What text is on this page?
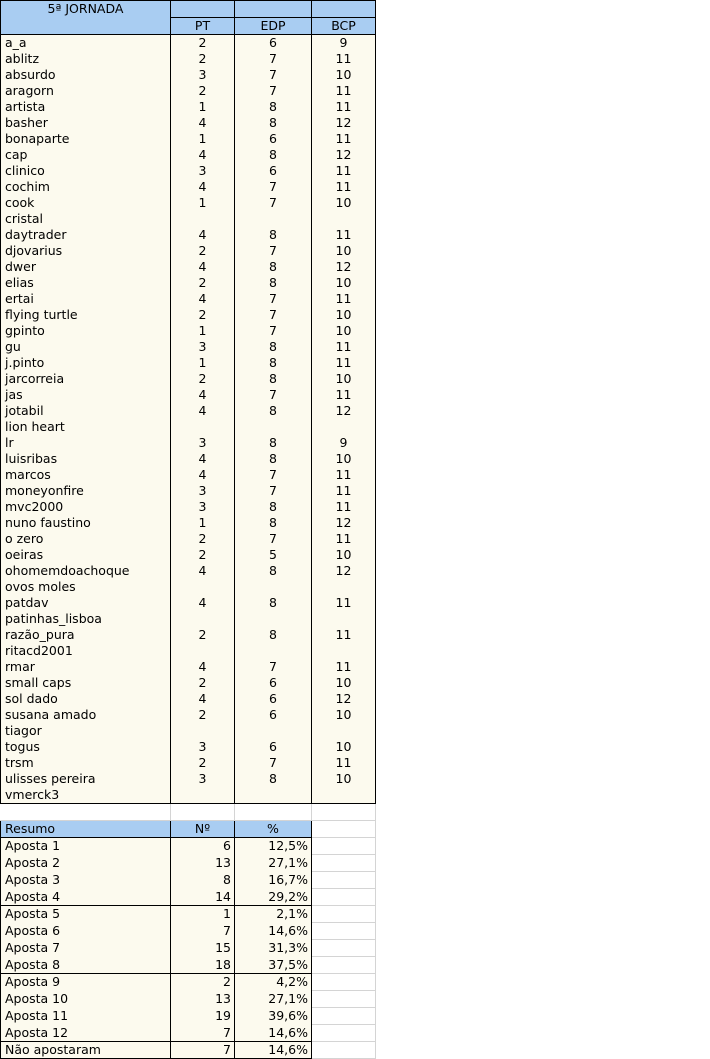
5ª JORNADA				
	PT	EDP	BCP	
a_a	2	6	9	
ablitz	2	7	11	
absurdo	3	7	10	
aragorn	2	7	11	
artista	1	8	11	
basher	4	8	12	
bonaparte	1	6	11	
cap	4	8	12	
clinico	3	6	11	
cochim	4	7	11	
cook	1	7	10	
cristal				
daytrader	4	8	11	
djovarius	2	7	10	
dwer	4	8	12	
elias	2	8	10	
ertai	4	7	11	
flying turtle	2	7	10	
gpinto	1	7	10	
gu	3	8	11	
j.pinto	1	8	11	
jarcorreia	2	8	10	
jas	4	7	11	
jotabil	4	8	12	
lion heart				
lr	3	8	9	
luisribas	4	8	10	
marcos	4	7	11	
moneyonfire	3	7	11	
mvc2000	3	8	11	
nuno faustino	1	8	12	
o zero	2	7	11	
oeiras	2	5	10	
ohomemdoachoque	4	8	12	
ovos moles				
patdav	4	8	11	
patinhas_lisboa				
razão_pura	2	8	11	
ritacd2001				
rmar	4	7	11	
small caps	2	6	10	
sol dado	4	6	12	
susana amado	2	6	10	
tiagor				
togus	3	6	10	
trsm	2	7	11	
ulisses pereira	3	8	10	
vmerck3				

Resumo	Nº	%		
Aposta 1	6	12,5%		
Aposta 2	13	27,1%		
Aposta 3	8	16,7%		
Aposta 4	14	29,2%		
Aposta 5	1	2,1%		
Aposta 6	7	14,6%		
Aposta 7	15	31,3%		
Aposta 8	18	37,5%		
Aposta 9	2	4,2%		
Aposta 10	13	27,1%		
Aposta 11	19	39,6%		
Aposta 12	7	14,6%		
Não apostaram	7	14,6%		
